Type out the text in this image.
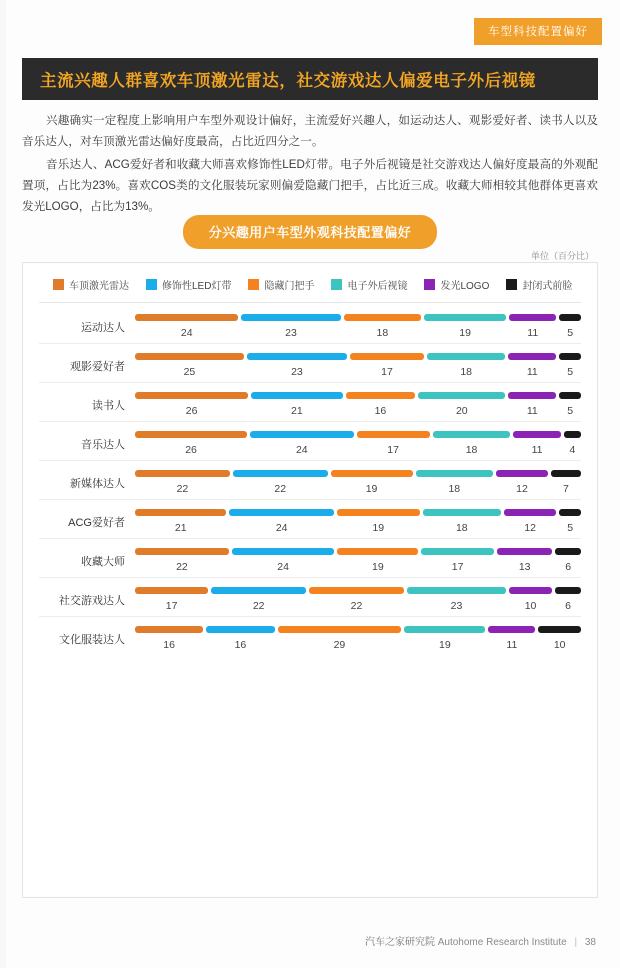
车型科技配置偏好
主流兴趣人群喜欢车顶激光雷达，社交游戏达人偏爱电子外后视镜

兴趣确实一定程度上影响用户车型外观设计偏好，主流爱好兴趣人，如运动达人、观影爱好者、读书人以及音乐达人，对车顶激光雷达偏好度最高，占比近四分之一。

音乐达人、ACG爱好者和收藏大师喜欢修饰性LED灯带。电子外后视镜是社交游戏达人偏好度最高的外观配置项，占比为23%。喜欢COS类的文化服装玩家则偏爱隐藏门把手，占比近三成。收藏大师相较其他群体更喜欢发光LOGO，占比为13%。

分兴趣用户车型外观科技配置偏好
单位（百分比）
车顶激光雷达	修饰性LED灯带	隐藏门把手	电子外后视镜	发光LOGO	封闭式前脸
运动达人	24	23	18	19	11	5
观影爱好者	25	23	17	18	11	5
读书人	26	21	16	20	11	5
音乐达人	26	24	17	18	11	4
新媒体达人	22	22	19	18	12	7
ACG爱好者	21	24	19	18	12	5
收藏大师	22	24	19	17	13	6
社交游戏达人	17	22	22	23	10	6
文化服装达人	16	16	29	19	11	10
汽车之家研究院 Autohome Research Institute | 38
